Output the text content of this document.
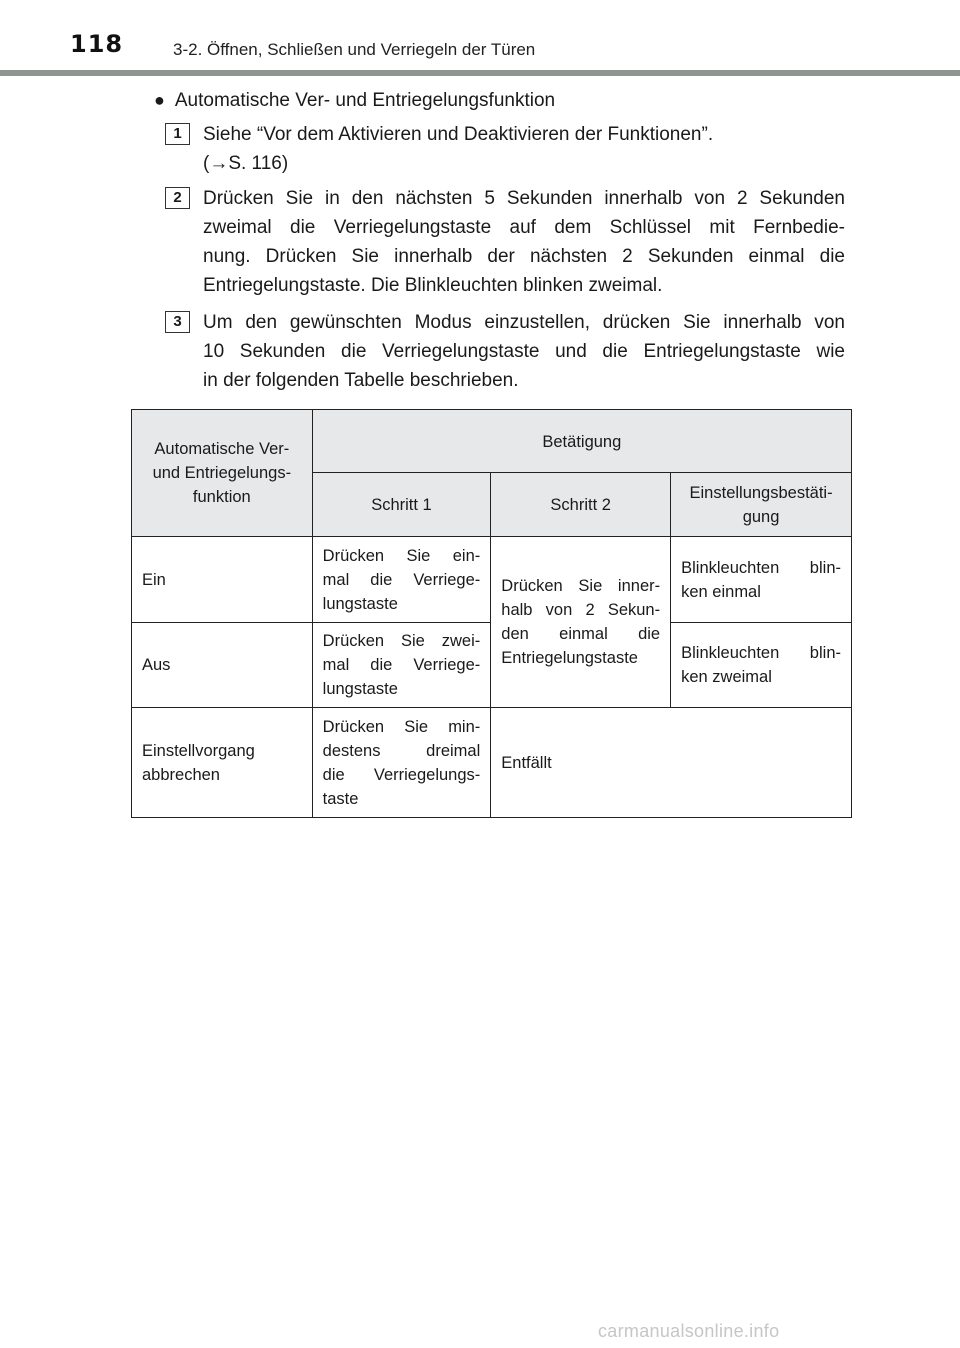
118	3-2. Öffnen, Schließen und Verriegeln der Türen
● Automatische Ver- und Entriegelungsfunktion
1	Siehe “Vor dem Aktivieren und Deaktivieren der Funktionen”.
(→S. 116)
2	Drücken Sie in den nächsten 5 Sekunden innerhalb von 2 Sekunden
zweimal die Verriegelungstaste auf dem Schlüssel mit Fernbedie-
nung. Drücken Sie innerhalb der nächsten 2 Sekunden einmal die
Entriegelungstaste. Die Blinkleuchten blinken zweimal.
3	Um den gewünschten Modus einzustellen, drücken Sie innerhalb von
10 Sekunden die Verriegelungstaste und die Entriegelungstaste wie
in der folgenden Tabelle beschrieben.
Automatische Ver-
und Entriegelungs-
funktion	Betätigung		
	Schritt 1	Schritt 2	Einstellungsbestäti-
gung

Ein	Drücken Sie ein-
mal die Verriege-
lungstaste	Drücken Sie inner-
halb von 2 Sekun-
den einmal die
Entriegelungstaste	Blinkleuchten blin-
ken einmal

Aus	Drücken Sie zwei-
mal die Verriege-
lungstaste		Blinkleuchten blin-
ken zweimal

Einstellvorgang
abbrechen	Drücken Sie min-
destens dreimal
die Verriegelungs-
taste	Entfällt	
carmanualsonline.info
